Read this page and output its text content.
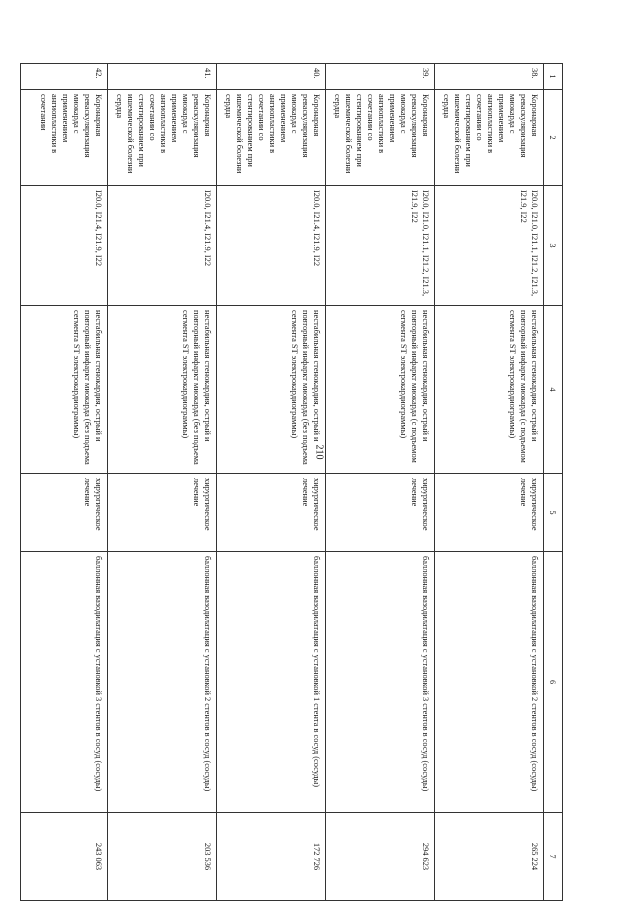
210
1	2	3	4	5	6	7
38.	Коронарная реваскуляризация миокарда с применением ангиопластики в сочетании со стентированием при ишемической болезни сердца	I20.0, I21.0, I21.1, I21.2, I21.3, I21.9, I22	нестабильная стенокардия, острый и повторный инфаркт миокарда (с подъемом сегмента ST электрокардиограммы)	хирургическое лечение	баллонная вазодилатация с установкой 2 стентов в сосуд (сосуды)	265 224
39.	Коронарная реваскуляризация миокарда с применением ангиопластики в сочетании со стентированием при ишемической болезни сердца	I20.0, I21.0, I21.1, I21.2, I21.3, I21.9, I22	нестабильная стенокардия, острый и повторный инфаркт миокарда (с подъемом сегмента ST электрокардиограммы)	хирургическое лечение	баллонная вазодилатация с установкой 3 стентов в сосуд (сосуды)	294 623
40.	Коронарная реваскуляризация миокарда с применением ангиопластики в сочетании со стентированием при ишемической болезни сердца	I20.0, I21.4, I21.9, I22	нестабильная стенокардия, острый и повторный инфаркт миокарда (без подъема сегмента ST электрокардиограммы)	хирургическое лечение	баллонная вазодилатация с установкой 1 стента в сосуд (сосуды)	172 726
41.	Коронарная реваскуляризация миокарда с применением ангиопластики в сочетании со стентированием при ишемической болезни сердца	I20.0, I21.4, I21.9, I22	нестабильная стенокардия, острый и повторный инфаркт миокарда (без подъема сегмента ST электрокардиограммы)	хирургическое лечение	баллонная вазодилатация с установкой 2 стентов в сосуд (сосуды)	203 536
42.	Коронарная реваскуляризация миокарда с применением ангиопластики в сочетании	I20.0, I21.4, I21.9, I22	нестабильная стенокардия, острый и повторный инфаркт миокарда (без подъема сегмента ST электрокардиограммы)	хирургическое лечение	баллонная вазодилатация с установкой 3 стентов в сосуд (сосуды)	243 063
